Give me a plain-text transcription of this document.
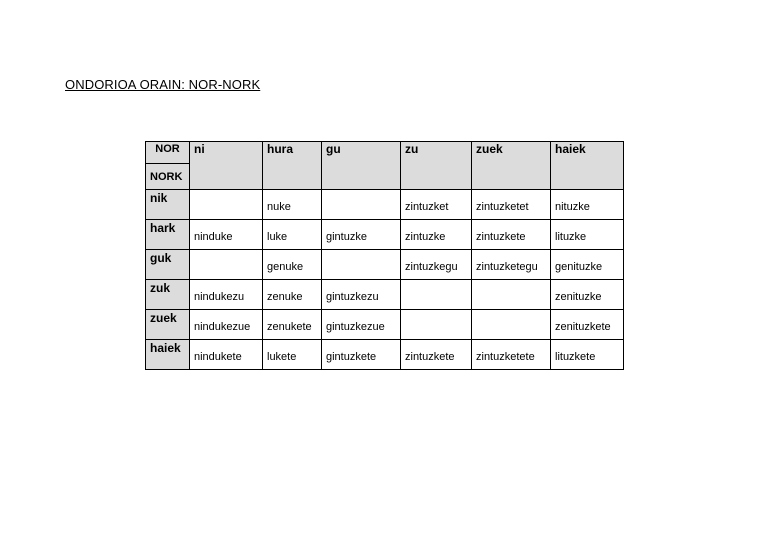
ONDORIOA ORAIN: NOR-NORK
NOR	ni	hura	gu	zu	zuek	haiek
NORK						
nik		nuke		zintuzket	zintuzketet	nituzke
hark	ninduke	luke	gintuzke	zintuzke	zintuzkete	lituzke
guk		genuke		zintuzkegu	zintuzketegu	genituzke
zuk	nindukezu	zenuke	gintuzkezu			zenituzke
zuek	nindukezue	zenukete	gintuzkezue			zenituzkete
haiek	nindukete	lukete	gintuzkete	zintuzkete	zintuzketete	lituzkete
